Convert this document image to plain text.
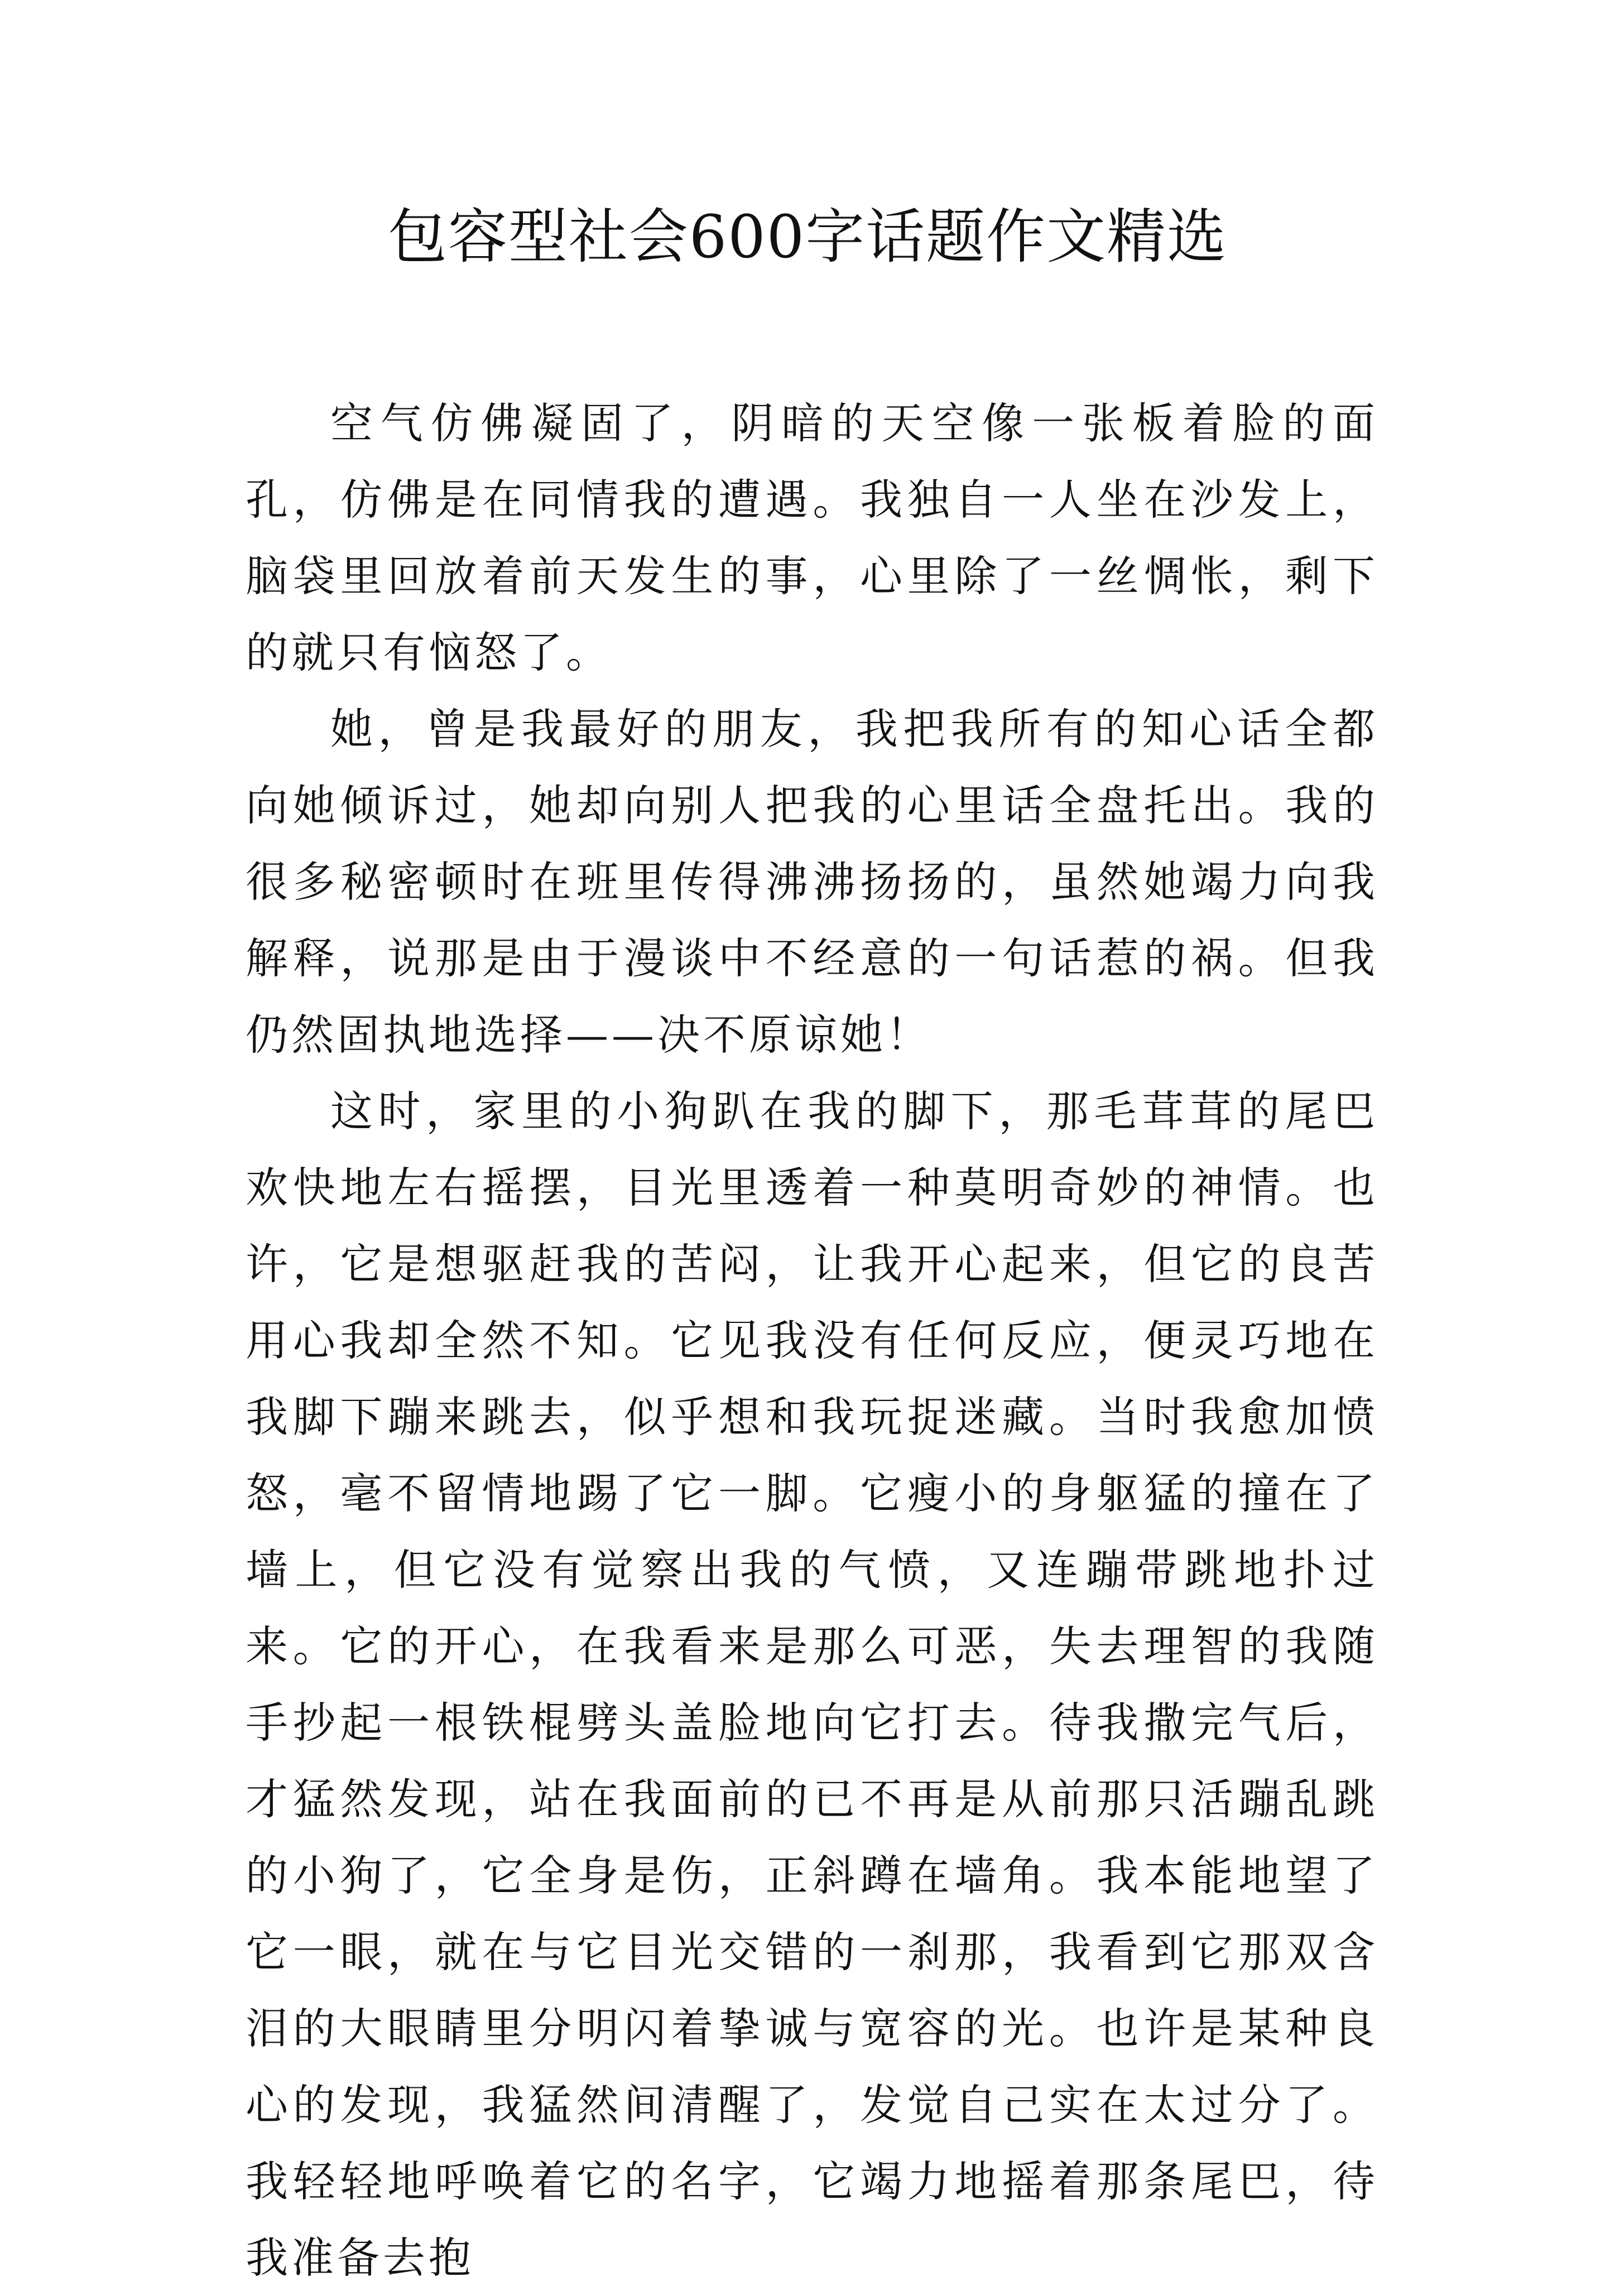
包容型社会600字话题作文精选

空气仿佛凝固了，阴暗的天空像一张板着脸的面孔，仿佛是在同情我的遭遇。我独自一人坐在沙发上，脑袋里回放着前天发生的事，心里除了一丝惆怅，剩下的就只有恼怒了。

她，曾是我最好的朋友，我把我所有的知心话全都向她倾诉过，她却向别人把我的心里话全盘托出。我的很多秘密顿时在班里传得沸沸扬扬的，虽然她竭力向我解释，说那是由于漫谈中不经意的一句话惹的祸。但我仍然固执地选择——决不原谅她！

这时，家里的小狗趴在我的脚下，那毛茸茸的尾巴欢快地左右摇摆，目光里透着一种莫明奇妙的神情。也许，它是想驱赶我的苦闷，让我开心起来，但它的良苦用心我却全然不知。它见我没有任何反应，便灵巧地在我脚下蹦来跳去，似乎想和我玩捉迷藏。当时我愈加愤怒，毫不留情地踢了它一脚。它瘦小的身躯猛的撞在了墙上，但它没有觉察出我的气愤，又连蹦带跳地扑过来。它的开心，在我看来是那么可恶，失去理智的我随手抄起一根铁棍劈头盖脸地向它打去。待我撒完气后，才猛然发现，站在我面前的已不再是从前那只活蹦乱跳的小狗了，它全身是伤，正斜蹲在墙角。我本能地望了它一眼，就在与它目光交错的一刹那，我看到它那双含泪的大眼睛里分明闪着挚诚与宽容的光。也许是某种良心的发现，我猛然间清醒了，发觉自己实在太过分了。我轻轻地呼唤着它的名字，它竭力地摇着那条尾巴，待我准备去抱
